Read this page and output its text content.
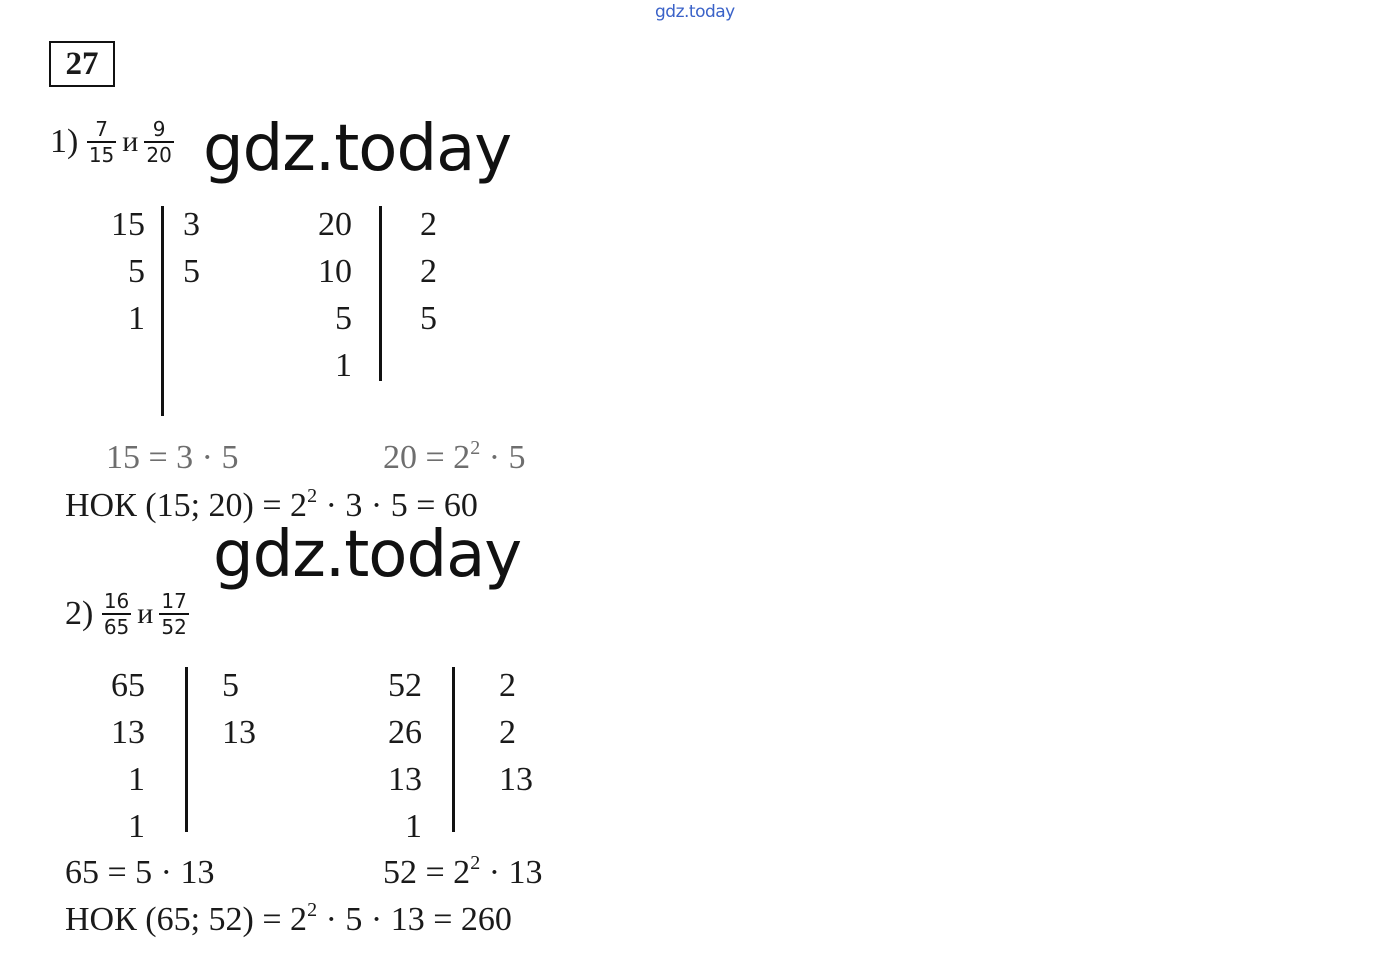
gdz.today
27
$1) \frac{7}{15}$ и $\frac{9}{20}$ gdz.today
15
5
1
3
5
20
10
5
1
2
2
5
15 = 3 · 5	$20 = 2^2 \cdot 5$
НОК (15; $20) = 2^2 \cdot 3 \cdot 5 = 60$
gdz.today
$2) \frac{16}{65}$ и $\frac{17}{52}$
65
13
1
1
5
13
52
26
13
1
2
2
13
65 = 5 · 13	$52 = 2^2 \cdot 13$
НОК (65; $52) = 2^2 \cdot 5 \cdot 13 = 260$
